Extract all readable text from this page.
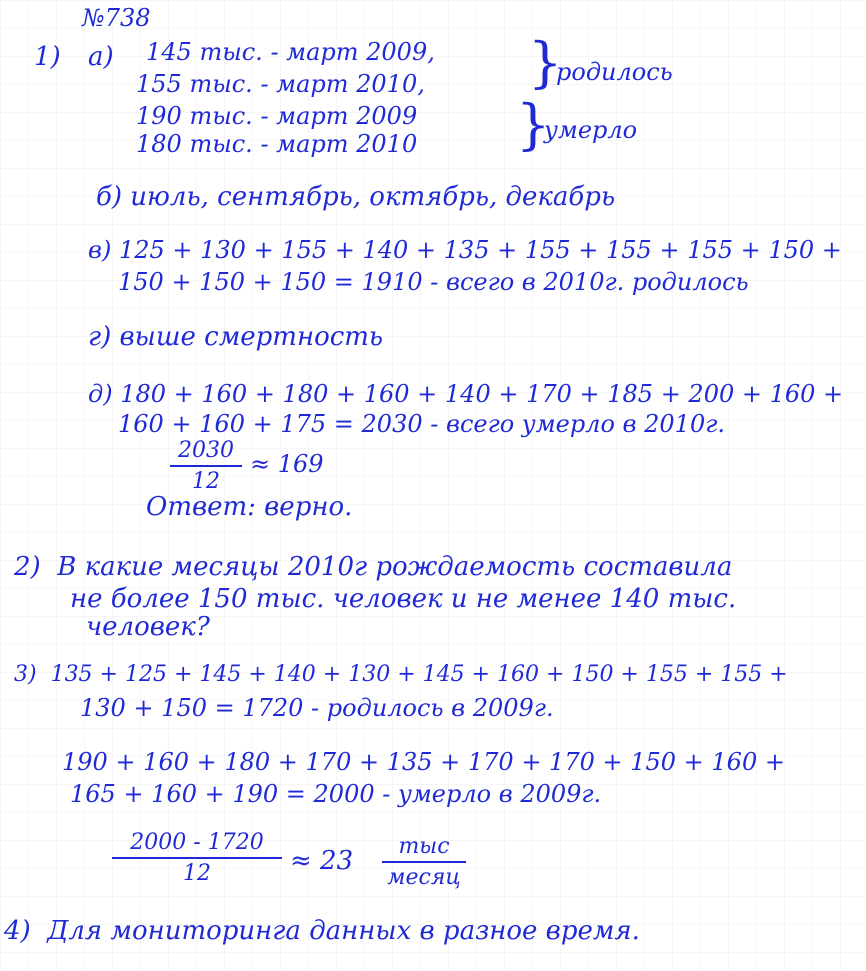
№738
1) а) 145 тыс. - март 2009,
155 тыс. - март 2010,
190 тыс. - март 2009
180 тыс. - март 2010
}
родилось
}
умерло
б) июль, сентябрь, октябрь, декабрь
в) 125 + 130 + 155 + 140 + 135 + 155 + 155 + 155 + 150 +
150 + 150 + 150 = 1910 - всего в 2010г. родилось
г) выше смертность
д) 180 + 160 + 180 + 160 + 140 + 170 + 185 + 200 + 160 +
160 + 160 + 175 = 2030 - всего умерло в 2010г.
2030
12
≈ 169
Ответ: верно.
2)  В какие месяцы 2010г рождаемость составила
не более 150 тыс. человек и не менее 140 тыс.
человек?
3)  135 + 125 + 145 + 140 + 130 + 145 + 160 + 150 + 155 + 155 +
130 + 150 = 1720 - родилось в 2009г.
190 + 160 + 180 + 170 + 135 + 170 + 170 + 150 + 160 +
165 + 160 + 190 = 2000 - умерло в 2009г.
2000 - 1720
12	≈ 23	тыс
месяц
4)  Для мониторинга данных в разное время.
